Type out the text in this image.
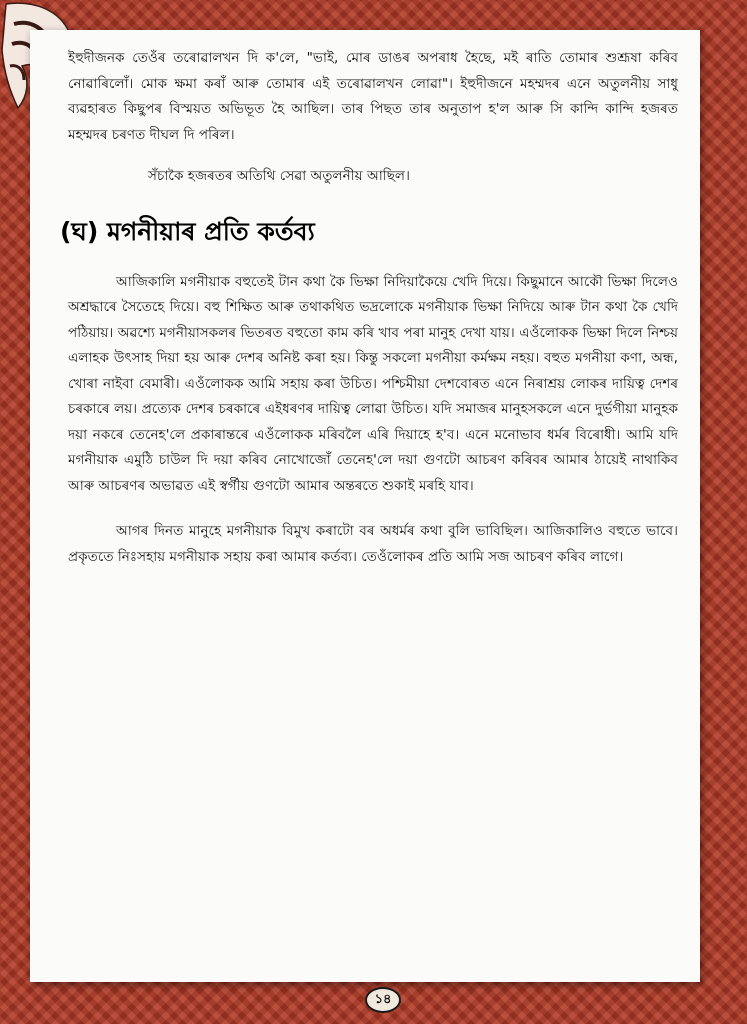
ইহুদীজনক তেওঁৰ তৰোৱালখন দি ক'লে, "ভাই, মোৰ ডাঙৰ অপৰাধ হৈছে, মই ৰাতি তোমাৰ শুশ্ৰূষা কৰিব নোৱাৰিলোঁ। মোক ক্ষমা কৰাঁ আৰু তোমাৰ এই তৰোৱালখন লোৱা"। ইহুদীজনে মহম্মদৰ এনে অতুলনীয় সাধু ব্যৱহাৰত কিছুপৰ বিস্ময়ত অভিভূত হৈ আছিল। তাৰ পিছত তাৰ অনুতাপ হ'ল আৰু সি কান্দি কান্দি হজৰত মহম্মদৰ চৰণত দীঘল দি পৰিল।

সঁচাকৈ হজৰতৰ অতিথি সেৱা অতুলনীয় আছিল।

(ঘ) মগনীয়াৰ প্ৰতি কৰ্তব্য

আজিকালি মগনীয়াক বহুতেই টান কথা কৈ ভিক্ষা নিদিয়াকৈয়ে খেদি দিয়ে। কিছুমানে আকৌ ভিক্ষা দিলেও অশ্ৰদ্ধাৰে সৈতেহে দিয়ে। বহু শিক্ষিত আৰু তথাকথিত ভদ্ৰলোকে মগনীয়াক ভিক্ষা নিদিয়ে আৰু টান কথা কৈ খেদি পঠিয়ায়। অৱশ্যে মগনীয়াসকলৰ ভিতৰত বহুতো কাম কৰি খাব পৰা মানুহ দেখা যায়। এওঁলোকক ভিক্ষা দিলে নিশ্চয় এলাহক উৎসাহ দিয়া হয় আৰু দেশৰ অনিষ্ট কৰা হয়। কিন্তু সকলো মগনীয়া কৰ্মক্ষম নহয়। বহুত মগনীয়া কণা, অন্ধ, খোৰা নাইবা বেমাৰী। এওঁলোকক আমি সহায় কৰা উচিত। পশ্চিমীয়া দেশবোৰত এনে নিৰাশ্ৰয় লোকৰ দায়িত্ব দেশৰ চৰকাৰে লয়। প্ৰত্যেক দেশৰ চৰকাৰে এইধৰণৰ দায়িত্ব লোৱা উচিত। যদি সমাজৰ মানুহসকলে এনে দুৰ্ভগীয়া মানুহক দয়া নকৰে তেনেহ'লে প্ৰকাৰান্তৰে এওঁলোকক মৰিবলৈ এৰি দিয়াহে হ'ব। এনে মনোভাব ধৰ্মৰ বিৰোধী। আমি যদি মগনীয়াক এমুঠি চাউল দি দয়া কৰিব নোখোজোঁ তেনেহ'লে দয়া গুণটো আচৰণ কৰিবৰ আমাৰ ঠায়েই নাথাকিব আৰু আচৰণৰ অভাৱত এই স্বৰ্গীয় গুণটো আমাৰ অন্তৰতে শুকাই মৰহি যাব।

আগৰ দিনত মানুহে মগনীয়াক বিমুখ কৰাটো বৰ অধৰ্মৰ কথা বুলি ভাবিছিল। আজিকালিও বহুতে ভাবে। প্ৰকৃততে নিঃসহায় মগনীয়াক সহায় কৰা আমাৰ কৰ্তব্য। তেওঁলোকৰ প্ৰতি আমি সজ আচৰণ কৰিব লাগে।

১৪
